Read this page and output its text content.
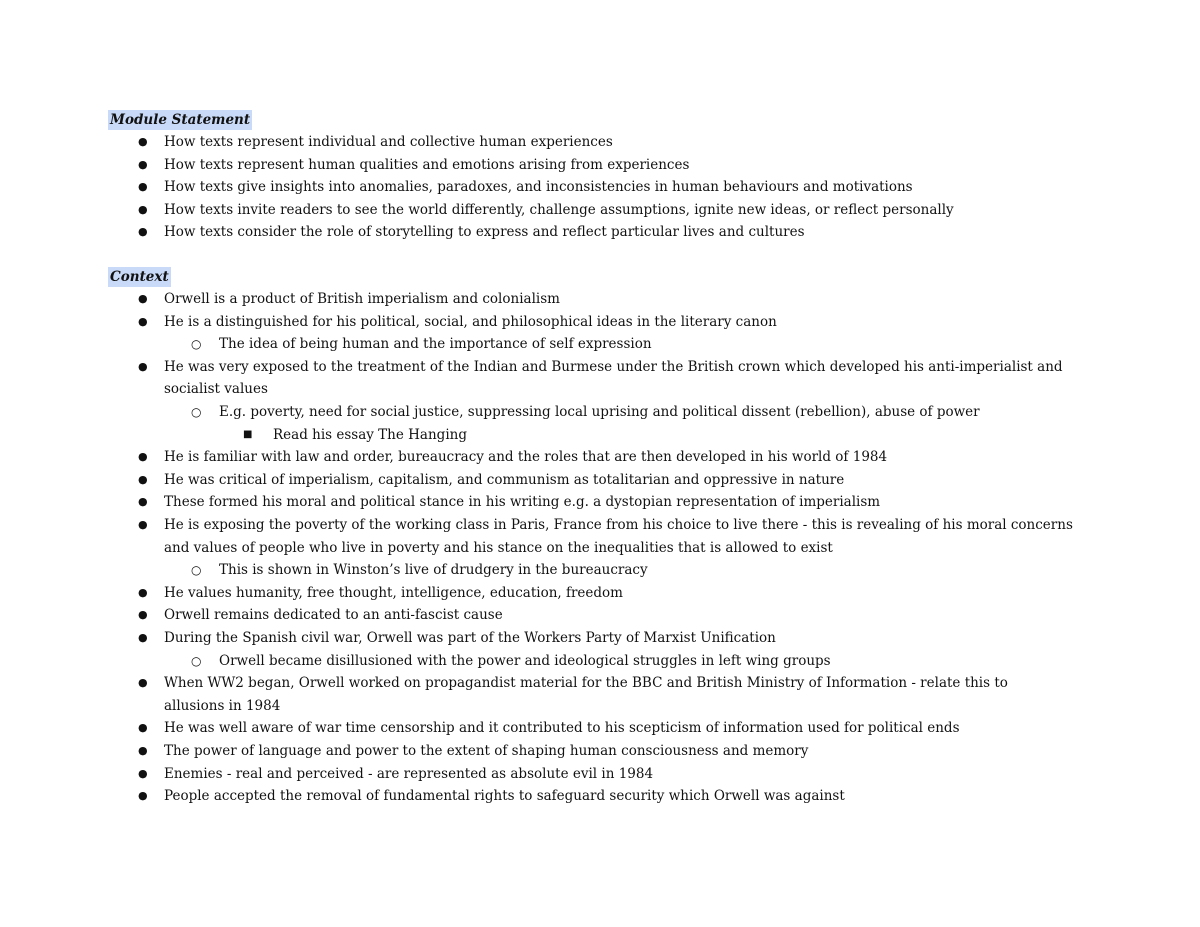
Module Statement
● How texts represent individual and collective human experiences
● How texts represent human qualities and emotions arising from experiences
● How texts give insights into anomalies, paradoxes, and inconsistencies in human behaviours and motivations
● How texts invite readers to see the world differently, challenge assumptions, ignite new ideas, or reflect personally
● How texts consider the role of storytelling to express and reflect particular lives and cultures
Context
● Orwell is a product of British imperialism and colonialism
● He is a distinguished for his political, social, and philosophical ideas in the literary canon
○ The idea of being human and the importance of self expression
● He was very exposed to the treatment of the Indian and Burmese under the British crown which developed his anti-imperialist and
socialist values
○ E.g. poverty, need for social justice, suppressing local uprising and political dissent (rebellion), abuse of power
■ Read his essay The Hanging
● He is familiar with law and order, bureaucracy and the roles that are then developed in his world of 1984
● He was critical of imperialism, capitalism, and communism as totalitarian and oppressive in nature
● These formed his moral and political stance in his writing e.g. a dystopian representation of imperialism
● He is exposing the poverty of the working class in Paris, France from his choice to live there - this is revealing of his moral concerns
and values of people who live in poverty and his stance on the inequalities that is allowed to exist
○ This is shown in Winston’s live of drudgery in the bureaucracy
● He values humanity, free thought, intelligence, education, freedom
● Orwell remains dedicated to an anti-fascist cause
● During the Spanish civil war, Orwell was part of the Workers Party of Marxist Unification
○ Orwell became disillusioned with the power and ideological struggles in left wing groups
● When WW2 began, Orwell worked on propagandist material for the BBC and British Ministry of Information - relate this to
allusions in 1984
● He was well aware of war time censorship and it contributed to his scepticism of information used for political ends
● The power of language and power to the extent of shaping human consciousness and memory
● Enemies - real and perceived - are represented as absolute evil in 1984
● People accepted the removal of fundamental rights to safeguard security which Orwell was against
